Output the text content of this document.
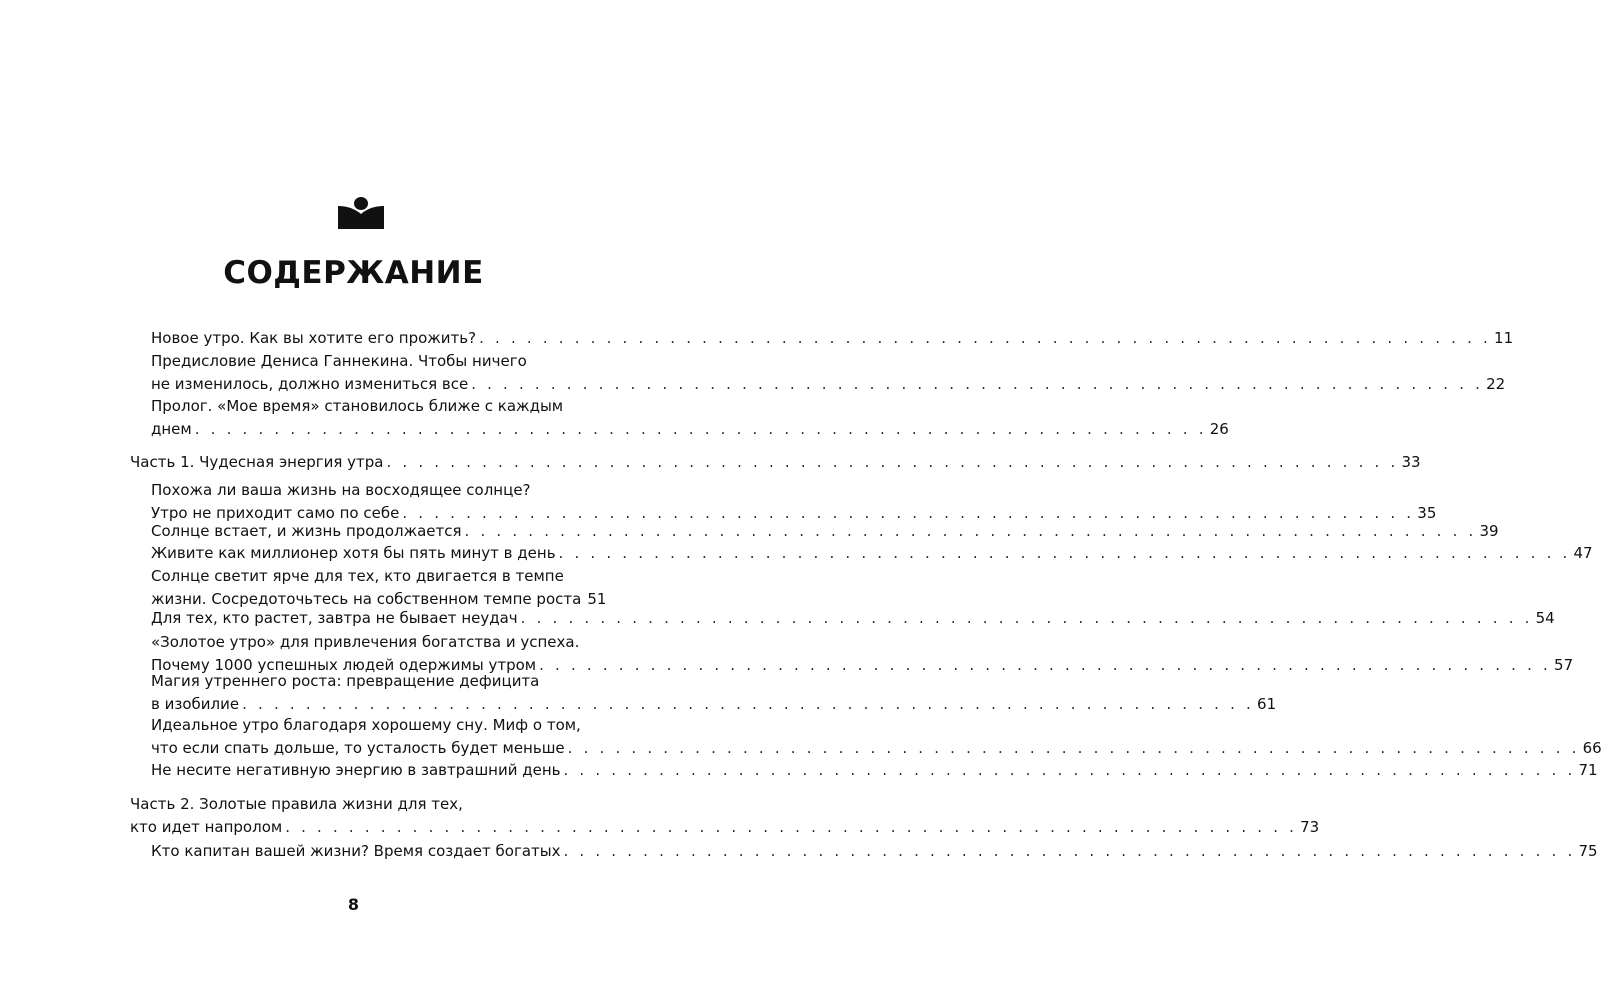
СОДЕРЖАНИЕ
Новое утро. Как вы хотите его прожить? . . . . . . . . . . . . . . . . . . . . . . . . . . . . . . . . . . . . . . . . . . . . . . . . . . . . . . . . . . . . . . . . 11
Предисловие Дениса Ганнекина. Чтобы ничего
не изменилось, должно измениться все . . . . . . . . . . . . . . . . . . . . . . . . . . . . . . . . . . . . . . . . . . . . . . . . . . . . . . . . . . . . . . . . 22
Пролог. «Мое время» становилось ближе с каждым
днем . . . . . . . . . . . . . . . . . . . . . . . . . . . . . . . . . . . . . . . . . . . . . . . . . . . . . . . . . . . . . . . . 26
Часть 1. Чудесная энергия утра . . . . . . . . . . . . . . . . . . . . . . . . . . . . . . . . . . . . . . . . . . . . . . . . . . . . . . . . . . . . . . . . 33
Похожа ли ваша жизнь на восходящее солнце?
Утро не приходит само по себе . . . . . . . . . . . . . . . . . . . . . . . . . . . . . . . . . . . . . . . . . . . . . . . . . . . . . . . . . . . . . . . . 35
Солнце встает, и жизнь продолжается . . . . . . . . . . . . . . . . . . . . . . . . . . . . . . . . . . . . . . . . . . . . . . . . . . . . . . . . . . . . . . . . 39
Живите как миллионер хотя бы пять минут в день . . . . . . . . . . . . . . . . . . . . . . . . . . . . . . . . . . . . . . . . . . . . . . . . . . . . . . . . . . . . . . . . 47
Солнце светит ярче для тех, кто двигается в темпе
жизни. Сосредоточьтесь на собственном темпе роста 51
Для тех, кто растет, завтра не бывает неудач . . . . . . . . . . . . . . . . . . . . . . . . . . . . . . . . . . . . . . . . . . . . . . . . . . . . . . . . . . . . . . . . 54
«Золотое утро» для привлечения богатства и успеха.
Почему 1000 успешных людей одержимы утром . . . . . . . . . . . . . . . . . . . . . . . . . . . . . . . . . . . . . . . . . . . . . . . . . . . . . . . . . . . . . . . . 57
Магия утреннего роста: превращение дефицита
в изобилие . . . . . . . . . . . . . . . . . . . . . . . . . . . . . . . . . . . . . . . . . . . . . . . . . . . . . . . . . . . . . . . . 61
Идеальное утро благодаря хорошему сну. Миф о том,
что если спать дольше, то усталость будет меньше . . . . . . . . . . . . . . . . . . . . . . . . . . . . . . . . . . . . . . . . . . . . . . . . . . . . . . . . . . . . . . . . 66
Не несите негативную энергию в завтрашний день . . . . . . . . . . . . . . . . . . . . . . . . . . . . . . . . . . . . . . . . . . . . . . . . . . . . . . . . . . . . . . . . 71
Часть 2. Золотые правила жизни для тех,
кто идет напролом . . . . . . . . . . . . . . . . . . . . . . . . . . . . . . . . . . . . . . . . . . . . . . . . . . . . . . . . . . . . . . . . 73
Кто капитан вашей жизни? Время создает богатых . . . . . . . . . . . . . . . . . . . . . . . . . . . . . . . . . . . . . . . . . . . . . . . . . . . . . . . . . . . . . . . . 75
8
